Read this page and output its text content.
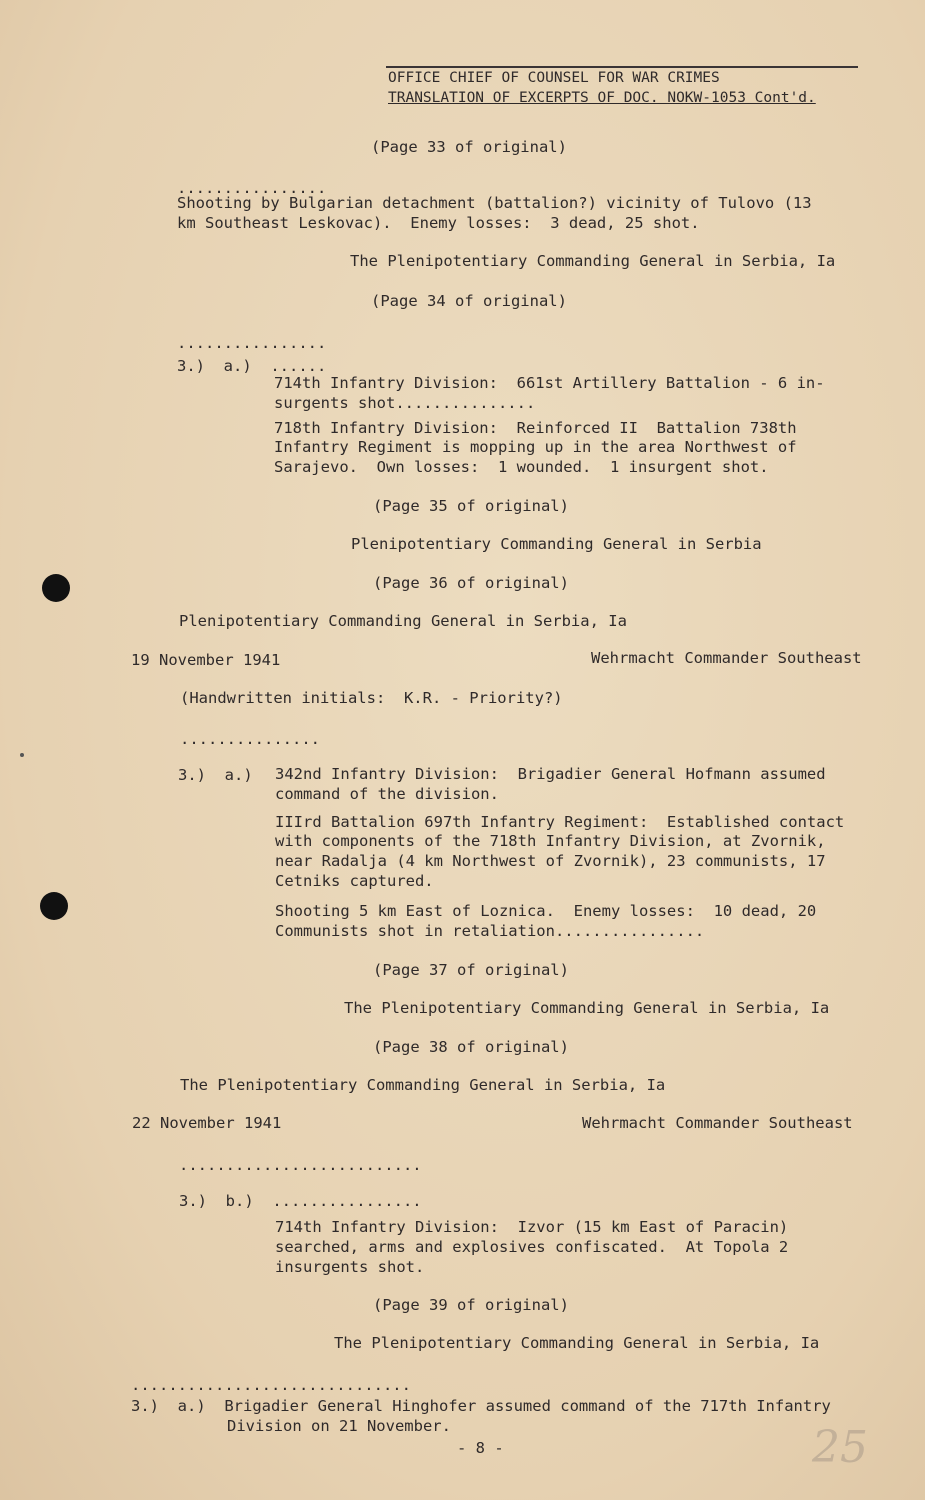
OFFICE CHIEF OF COUNSEL FOR WAR CRIMES
TRANSLATION OF EXCERPTS OF DOC. NOKW-1053 Cont'd.
(Page 33 of original)
................
Shooting by Bulgarian detachment (battalion?) vicinity of Tulovo (13
km Southeast Leskovac).  Enemy losses:  3 dead, 25 shot.
The Plenipotentiary Commanding General in Serbia, Ia
(Page 34 of original)
................
3.)  a.)  ......
714th Infantry Division:  661st Artillery Battalion - 6 in-
surgents shot...............
718th Infantry Division:  Reinforced II  Battalion 738th
Infantry Regiment is mopping up in the area Northwest of
Sarajevo.  Own losses:  1 wounded.  1 insurgent shot.
(Page 35 of original)
Plenipotentiary Commanding General in Serbia
(Page 36 of original)
Plenipotentiary Commanding General in Serbia, Ia
19 November 1941	Wehrmacht Commander Southeast
(Handwritten initials:  K.R. - Priority?)
...............
3.)  a.) 342nd Infantry Division:  Brigadier General Hofmann assumed
command of the division.
IIIrd Battalion 697th Infantry Regiment:  Established contact
with components of the 718th Infantry Division, at Zvornik,
near Radalja (4 km Northwest of Zvornik), 23 communists, 17
Cetniks captured.
Shooting 5 km East of Loznica.  Enemy losses:  10 dead, 20
Communists shot in retaliation................
(Page 37 of original)
The Plenipotentiary Commanding General in Serbia, Ia
(Page 38 of original)
The Plenipotentiary Commanding General in Serbia, Ia
22 November 1941	Wehrmacht Commander Southeast
..........................
3.)  b.)  ................
714th Infantry Division:  Izvor (15 km East of Paracin)
searched, arms and explosives confiscated.  At Topola 2
insurgents shot.
(Page 39 of original)
The Plenipotentiary Commanding General in Serbia, Ia
..............................
3.)  a.)  Brigadier General Hinghofer assumed command of the 717th Infantry
Division on 21 November.
- 8 -	25
